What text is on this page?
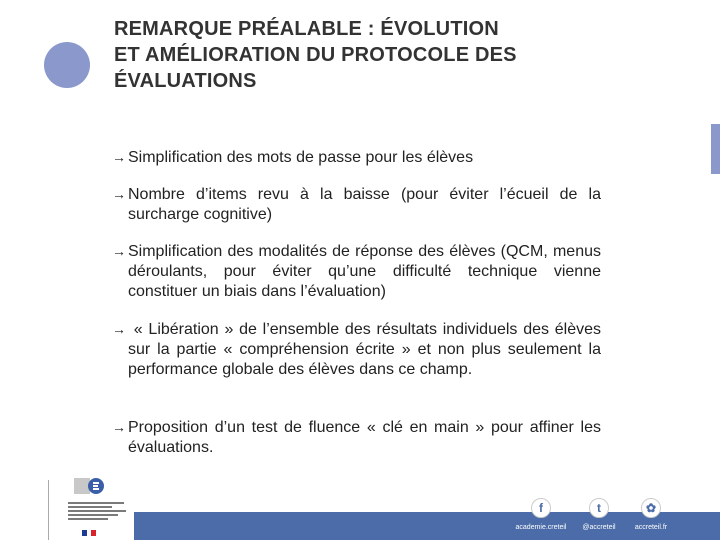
REMARQUE PRÉALABLE : ÉVOLUTION
ET AMÉLIORATION DU PROTOCOLE DES
ÉVALUATIONS

→ Simplification des mots de passe pour les élèves

→ Nombre d’items revu à la baisse (pour éviter l’écueil de la surcharge cognitive)

→ Simplification des modalités de réponse des élèves (QCM, menus déroulants, pour éviter qu’une difficulté technique vienne constituer un biais dans l’évaluation)

→ « Libération » de l’ensemble des résultats individuels des élèves sur la partie « compréhension écrite » et non plus seulement la performance globale des élèves dans ce champ.

→ Proposition d’un test de fluence « clé en main » pour affiner les évaluations.

f
academie.creteil
t
@accreteil
✿
accreteil.fr
